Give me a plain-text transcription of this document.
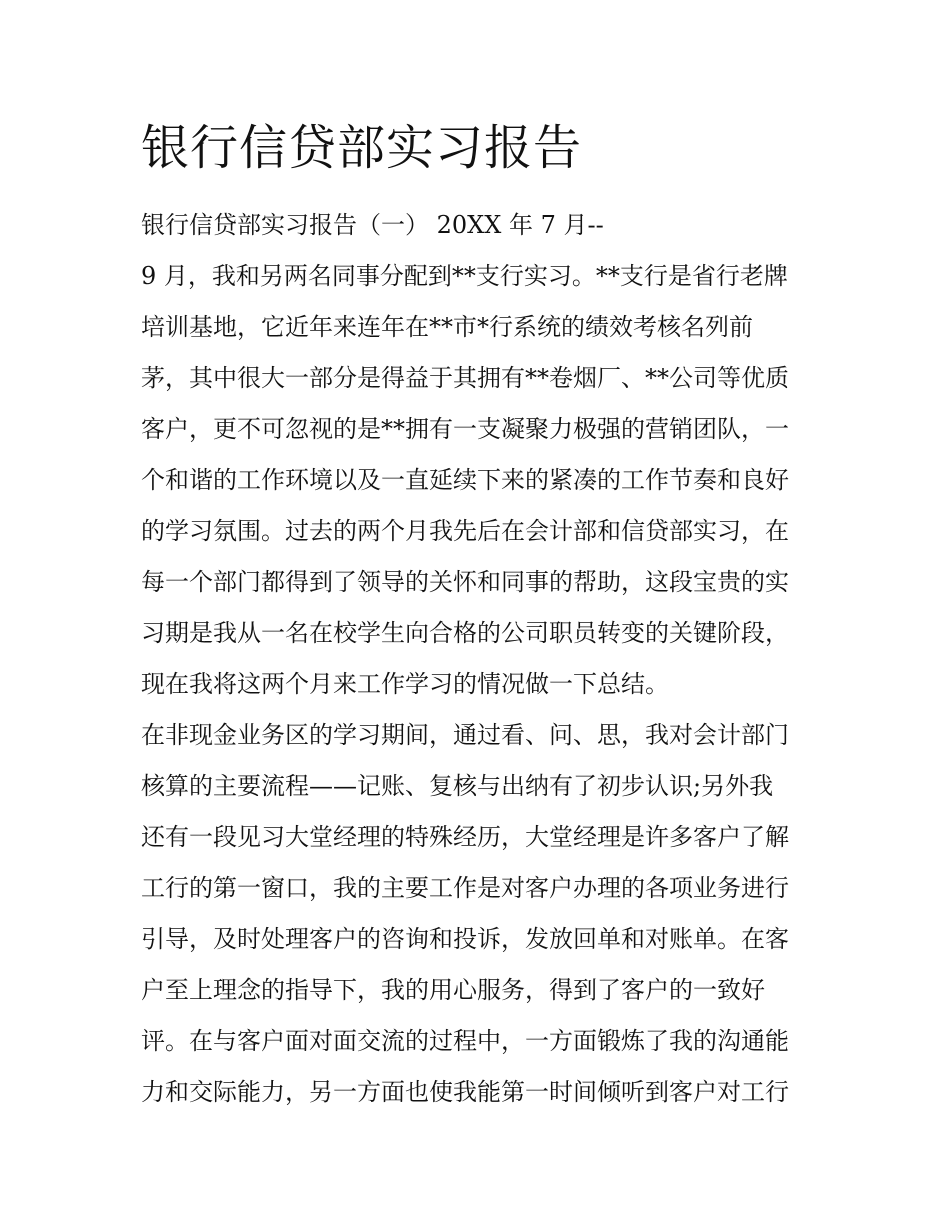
银行信贷部实习报告
银行信贷部实习报告（一） 20XX 年 7 月--
9 月，我和另两名同事分配到**支行实习。**支行是省行老牌
培训基地，它近年来连年在**市*行系统的绩效考核名列前
茅，其中很大一部分是得益于其拥有**卷烟厂、**公司等优质
客户，更不可忽视的是**拥有一支凝聚力极强的营销团队，一
个和谐的工作环境以及一直延续下来的紧凑的工作节奏和良好
的学习氛围。过去的两个月我先后在会计部和信贷部实习，在
每一个部门都得到了领导的关怀和同事的帮助，这段宝贵的实
习期是我从一名在校学生向合格的公司职员转变的关键阶段，
现在我将这两个月来工作学习的情况做一下总结。
在非现金业务区的学习期间，通过看、问、思，我对会计部门
核算的主要流程——记账、复核与出纳有了初步认识;另外我
还有一段见习大堂经理的特殊经历，大堂经理是许多客户了解
工行的第一窗口，我的主要工作是对客户办理的各项业务进行
引导，及时处理客户的咨询和投诉，发放回单和对账单。在客
户至上理念的指导下，我的用心服务，得到了客户的一致好
评。在与客户面对面交流的过程中，一方面锻炼了我的沟通能
力和交际能力，另一方面也使我能第一时间倾听到客户对工行
